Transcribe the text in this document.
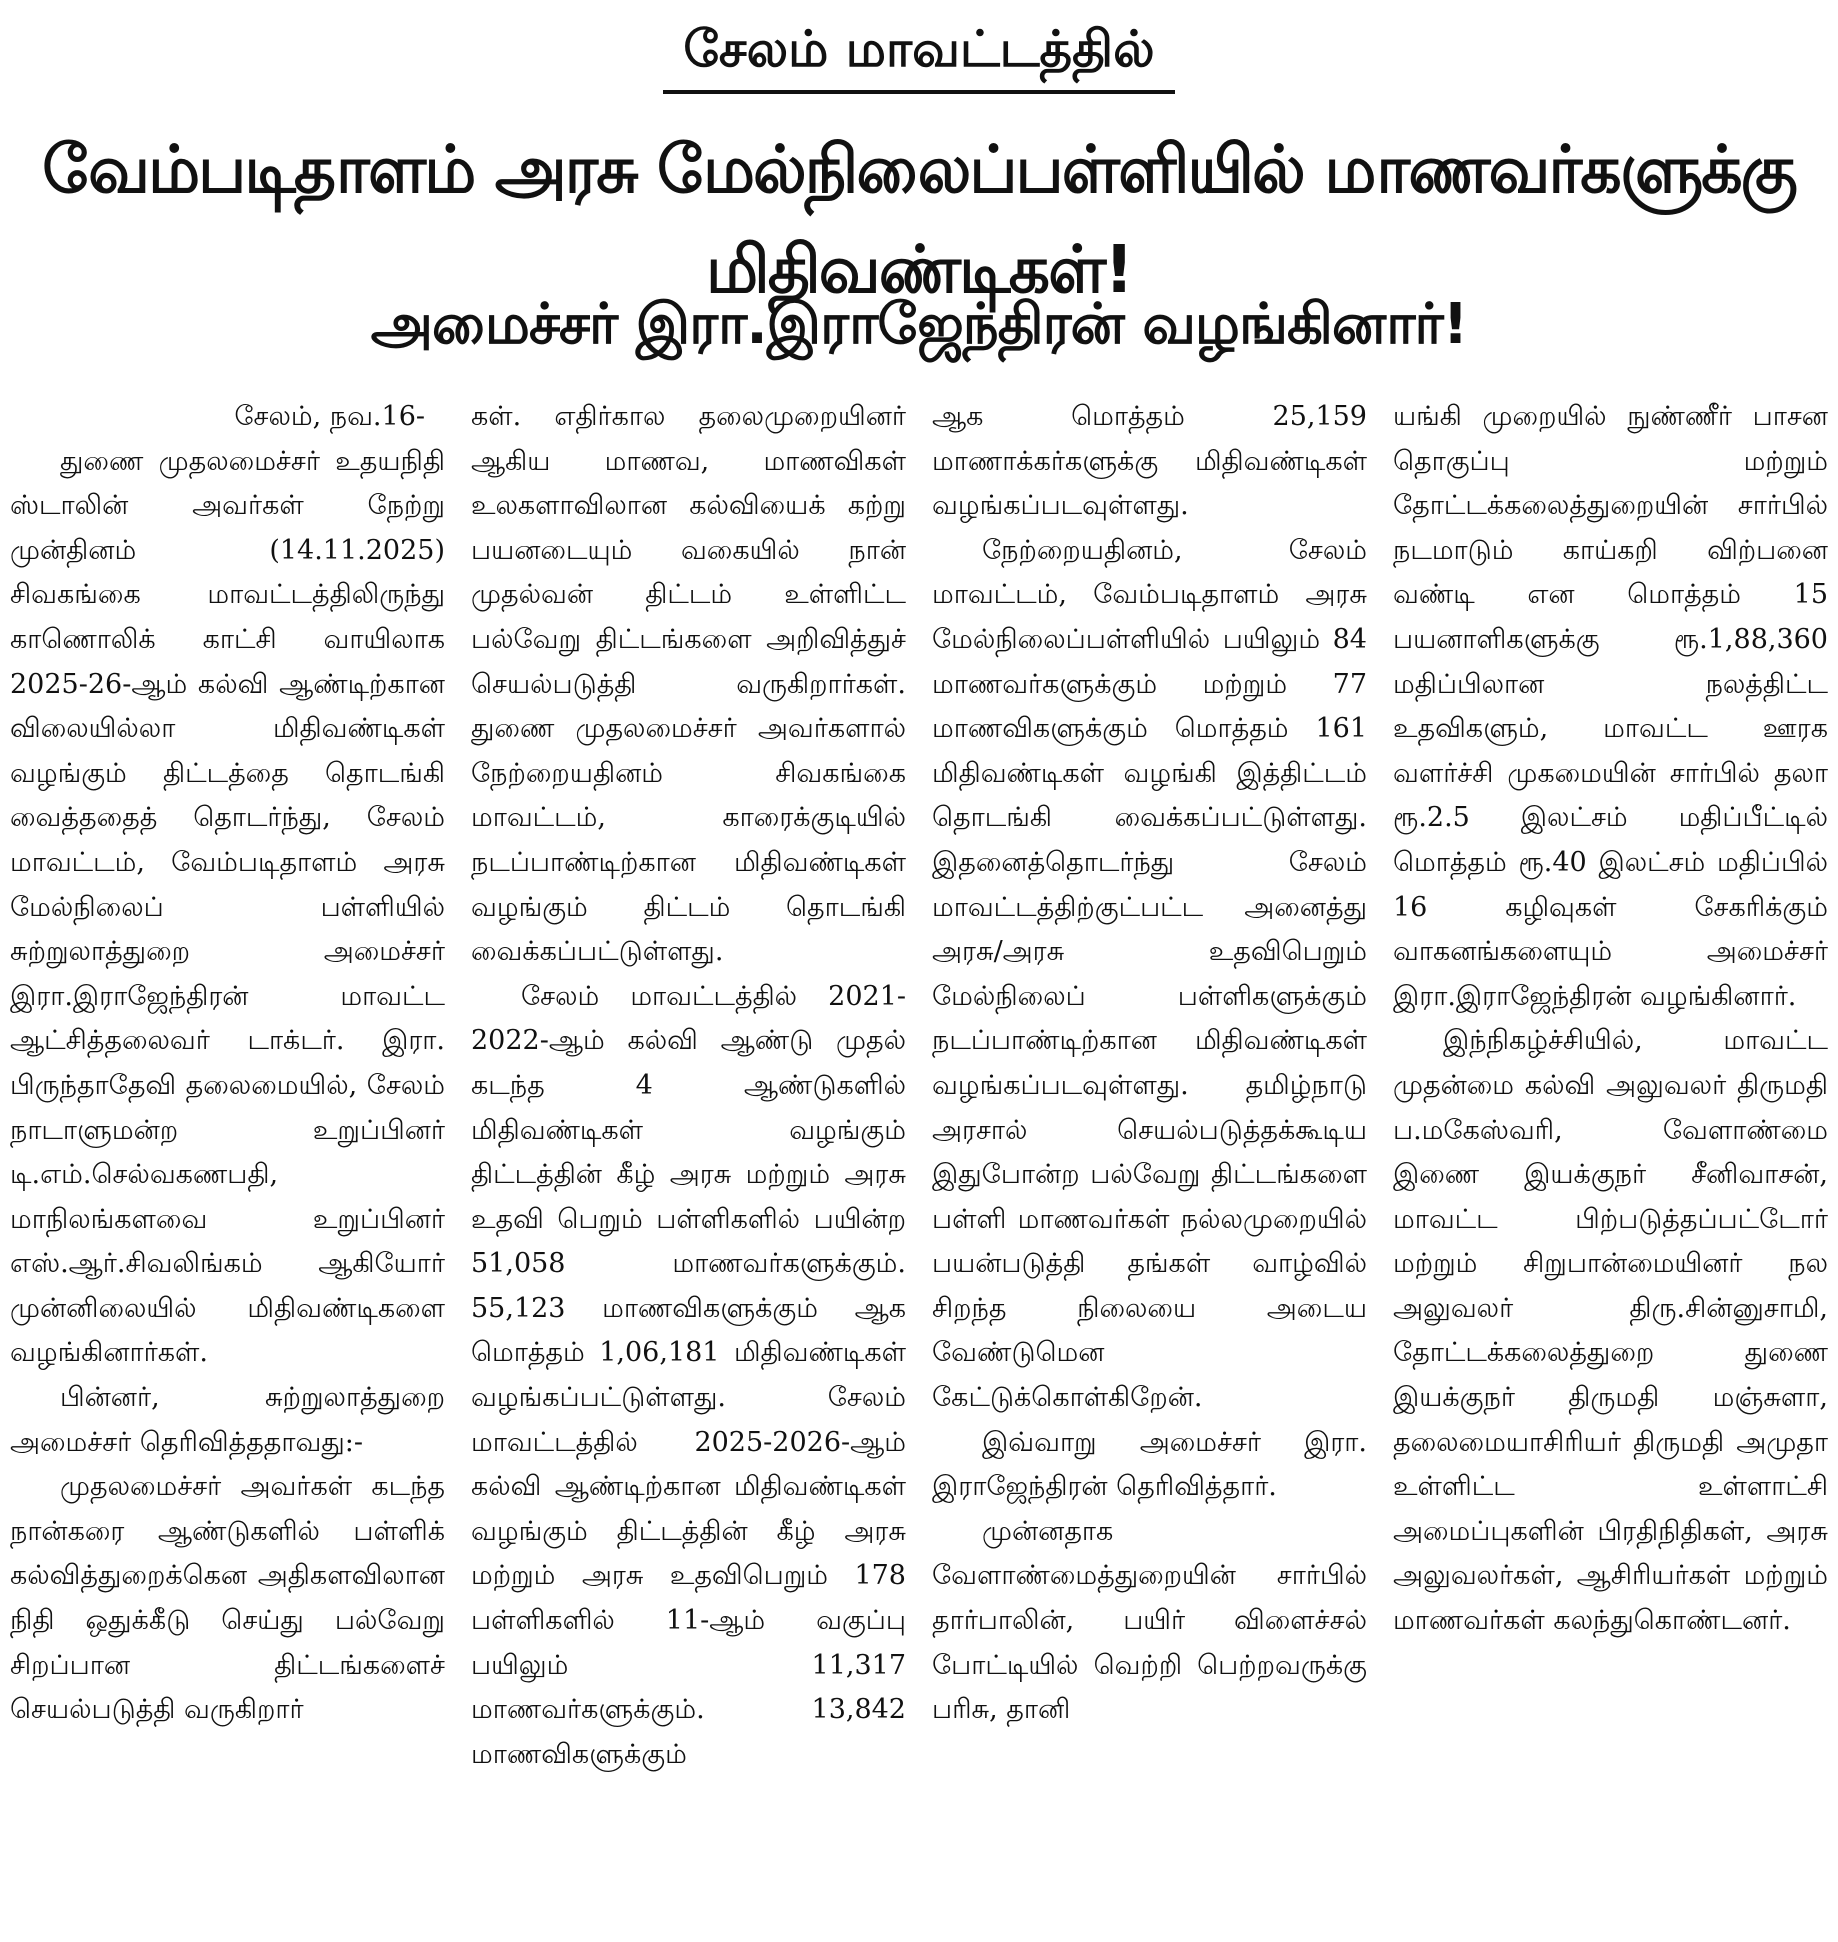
சேலம் மாவட்டத்தில்
வேம்படிதாளம் அரசு மேல்நிலைப்பள்ளியில் மாணவர்களுக்கு மிதிவண்டிகள்!
அமைச்சர் இரா.இராஜேந்திரன் வழங்கினார்!

சேலம், நவ.16-

துணை முதலமைச்சர் உதயநிதி ஸ்டாலின் அவர்கள் நேற்று முன்தினம் (14.11.2025) சிவகங்கை மாவட்டத்திலிருந்து காணொலிக் காட்சி வாயிலாக 2025-26-ஆம் கல்வி ஆண்டிற்கான விலையில்லா மிதிவண்டிகள் வழங்கும் திட்டத்தை தொடங்கி வைத்ததைத் தொடர்ந்து, சேலம் மாவட்டம், வேம்படிதாளம் அரசு மேல்நிலைப் பள்ளியில் சுற்றுலாத்துறை அமைச்சர் இரா.இராஜேந்திரன் மாவட்ட ஆட்சித்தலைவர் டாக்டர். இரா. பிருந்தாதேவி தலைமையில், சேலம் நாடாளுமன்ற உறுப்பினர் டி.எம்.செல்வகணபதி, மாநிலங்களவை உறுப்பினர் எஸ்.ஆர்.சிவலிங்கம் ஆகியோர் முன்னிலையில் மிதிவண்டிகளை வழங்கினார்கள்.

பின்னர், சுற்றுலாத்துறை அமைச்சர் தெரிவித்ததாவது:-

முதலமைச்சர் அவர்கள் கடந்த நான்கரை ஆண்டுகளில் பள்ளிக் கல்வித்துறைக்கென அதிகளவிலான நிதி ஒதுக்கீடு செய்து பல்வேறு சிறப்பான திட்டங்களைச் செயல்படுத்தி வருகிறார்

கள். எதிர்கால தலைமுறையினர் ஆகிய மாணவ, மாணவிகள் உலகளாவிலான கல்வியைக் கற்று பயனடையும் வகையில் நான் முதல்வன் திட்டம் உள்ளிட்ட பல்வேறு திட்டங்களை அறிவித்துச் செயல்படுத்தி வருகிறார்கள். துணை முதலமைச்சர் அவர்களால் நேற்றையதினம் சிவகங்கை மாவட்டம், காரைக்குடியில் நடப்பாண்டிற்கான மிதிவண்டிகள் வழங்கும் திட்டம் தொடங்கி வைக்கப்பட்டுள்ளது.

சேலம் மாவட்டத்தில் 2021-2022-ஆம் கல்வி ஆண்டு முதல் கடந்த 4 ஆண்டுகளில் மிதிவண்டிகள் வழங்கும் திட்டத்தின் கீழ் அரசு மற்றும் அரசு உதவி பெறும் பள்ளிகளில் பயின்ற 51,058 மாணவர்களுக்கும். 55,123 மாணவிகளுக்கும் ஆக மொத்தம் 1,06,181 மிதிவண்டிகள் வழங்கப்பட்டுள்ளது. சேலம் மாவட்டத்தில் 2025-2026-ஆம் கல்வி ஆண்டிற்கான மிதிவண்டிகள் வழங்கும் திட்டத்தின் கீழ் அரசு மற்றும் அரசு உதவிபெறும் 178 பள்ளிகளில் 11-ஆம் வகுப்பு பயிலும் 11,317 மாணவர்களுக்கும். 13,842 மாணவிகளுக்கும்

ஆக மொத்தம் 25,159 மாணாக்கர்களுக்கு மிதிவண்டிகள் வழங்கப்படவுள்ளது.

நேற்றையதினம், சேலம் மாவட்டம், வேம்படிதாளம் அரசு மேல்நிலைப்பள்ளியில் பயிலும் 84 மாணவர்களுக்கும் மற்றும் 77 மாணவிகளுக்கும் மொத்தம் 161 மிதிவண்டிகள் வழங்கி இத்திட்டம் தொடங்கி வைக்கப்பட்டுள்ளது. இதனைத்தொடர்ந்து சேலம் மாவட்டத்திற்குட்பட்ட அனைத்து அரசு/அரசு உதவிபெறும் மேல்நிலைப் பள்ளிகளுக்கும் நடப்பாண்டிற்கான மிதிவண்டிகள் வழங்கப்படவுள்ளது. தமிழ்நாடு அரசால் செயல்படுத்தக்கூடிய இதுபோன்ற பல்வேறு திட்டங்களை பள்ளி மாணவர்கள் நல்லமுறையில் பயன்படுத்தி தங்கள் வாழ்வில் சிறந்த நிலையை அடைய வேண்டுமென கேட்டுக்கொள்கிறேன்.

இவ்வாறு அமைச்சர் இரா. இராஜேந்திரன் தெரிவித்தார்.

முன்னதாக வேளாண்மைத்துறையின் சார்பில் தார்பாலின், பயிர் விளைச்சல் போட்டியில் வெற்றி பெற்றவருக்கு பரிசு, தானி

யங்கி முறையில் நுண்ணீர் பாசன தொகுப்பு மற்றும் தோட்டக்கலைத்துறையின் சார்பில் நடமாடும் காய்கறி விற்பனை வண்டி என மொத்தம் 15 பயனாளிகளுக்கு ரூ.1,88,360 மதிப்பிலான நலத்திட்ட உதவிகளும், மாவட்ட ஊரக வளர்ச்சி முகமையின் சார்பில் தலா ரூ.2.5 இலட்சம் மதிப்பீட்டில் மொத்தம் ரூ.40 இலட்சம் மதிப்பில் 16 கழிவுகள் சேகரிக்கும் வாகனங்களையும் அமைச்சர் இரா.இராஜேந்திரன் வழங்கினார்.

இந்நிகழ்ச்சியில், மாவட்ட முதன்மை கல்வி அலுவலர் திருமதி ப.மகேஸ்வரி, வேளாண்மை இணை இயக்குநர் சீனிவாசன், மாவட்ட பிற்படுத்தப்பட்டோர் மற்றும் சிறுபான்மையினர் நல அலுவலர் திரு.சின்னுசாமி, தோட்டக்கலைத்துறை துணை இயக்குநர் திருமதி மஞ்சுளா, தலைமையாசிரியர் திருமதி அமுதா உள்ளிட்ட உள்ளாட்சி அமைப்புகளின் பிரதிநிதிகள், அரசு அலுவலர்கள், ஆசிரியர்கள் மற்றும் மாணவர்கள் கலந்துகொண்டனர்.
